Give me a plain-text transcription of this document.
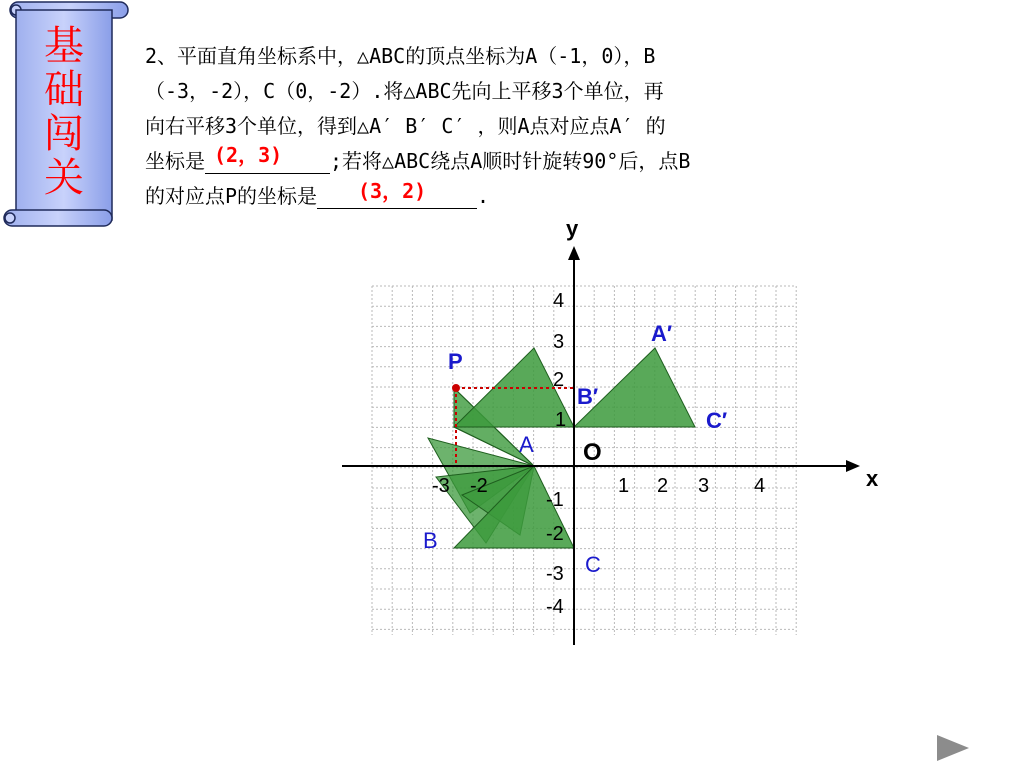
基
础
闯
关
2、平面直角坐标系中，△ABC的顶点坐标为A（-1，0），B
（-3，-2），C（0，-2）.将△ABC先向上平移3个单位，再
向右平移3个单位，得到△A′ B′ C′ ，则A点对应点A′ 的
坐标是	;若将△ABC绕点A顺时针旋转90°后，点B
的对应点P的坐标是	.
(2，3)
(3，2)
x
y
O
-3 -2	1 2 3 4
4
3
2
1
-1
-2
-3
-4
A
B
C
A′
B′
C′
P
